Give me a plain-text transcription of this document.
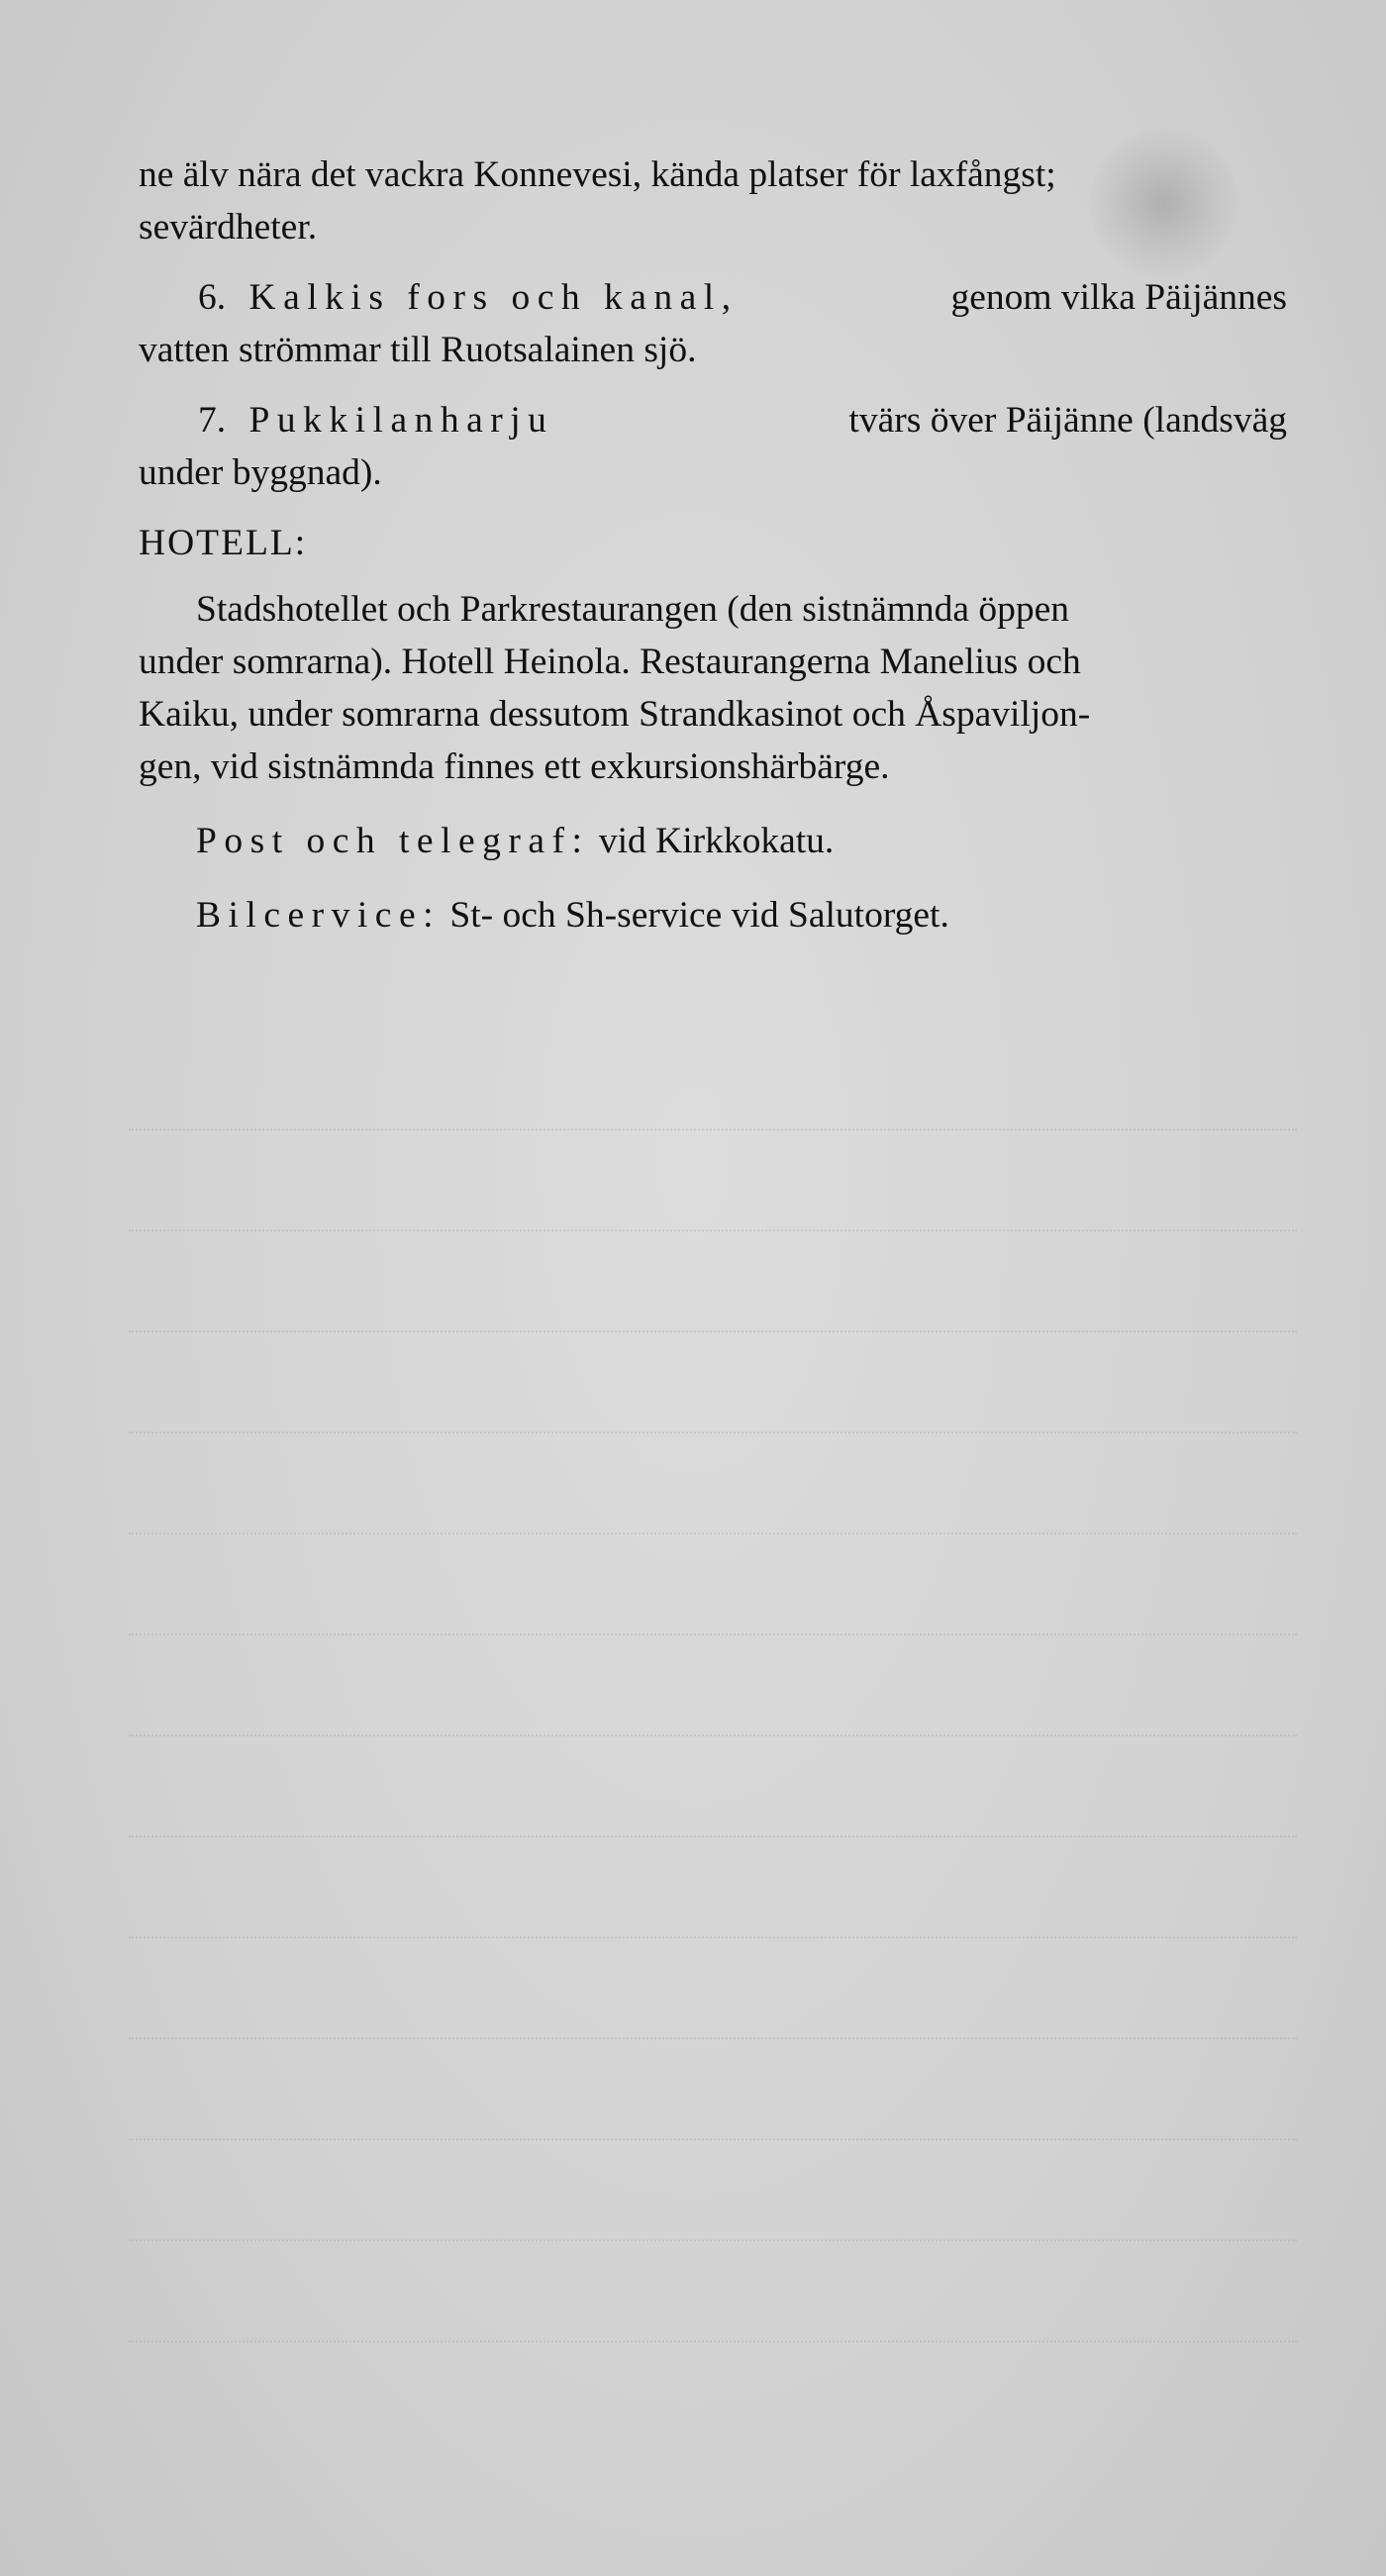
ne älv nära det vackra Konnevesi, kända platser för laxfångst;

sevärdheter.

6. Kalkis fors och kanal,	genom vilka Päijännes

vatten strömmar till Ruotsalainen sjö.

7. Pukkilanharju	tvärs över Päijänne (landsväg

under byggnad).

HOTELL:

Stadshotellet och Parkrestaurangen (den sistnämnda öppen

under somrarna). Hotell Heinola. Restaurangerna Manelius och

Kaiku, under somrarna dessutom Strandkasinot och Åspaviljon-

gen, vid sistnämnda finnes ett exkursionshärbärge.

Post och telegraf: vid Kirkkokatu.

Bilcervice: St- och Sh-service vid Salutorget.
